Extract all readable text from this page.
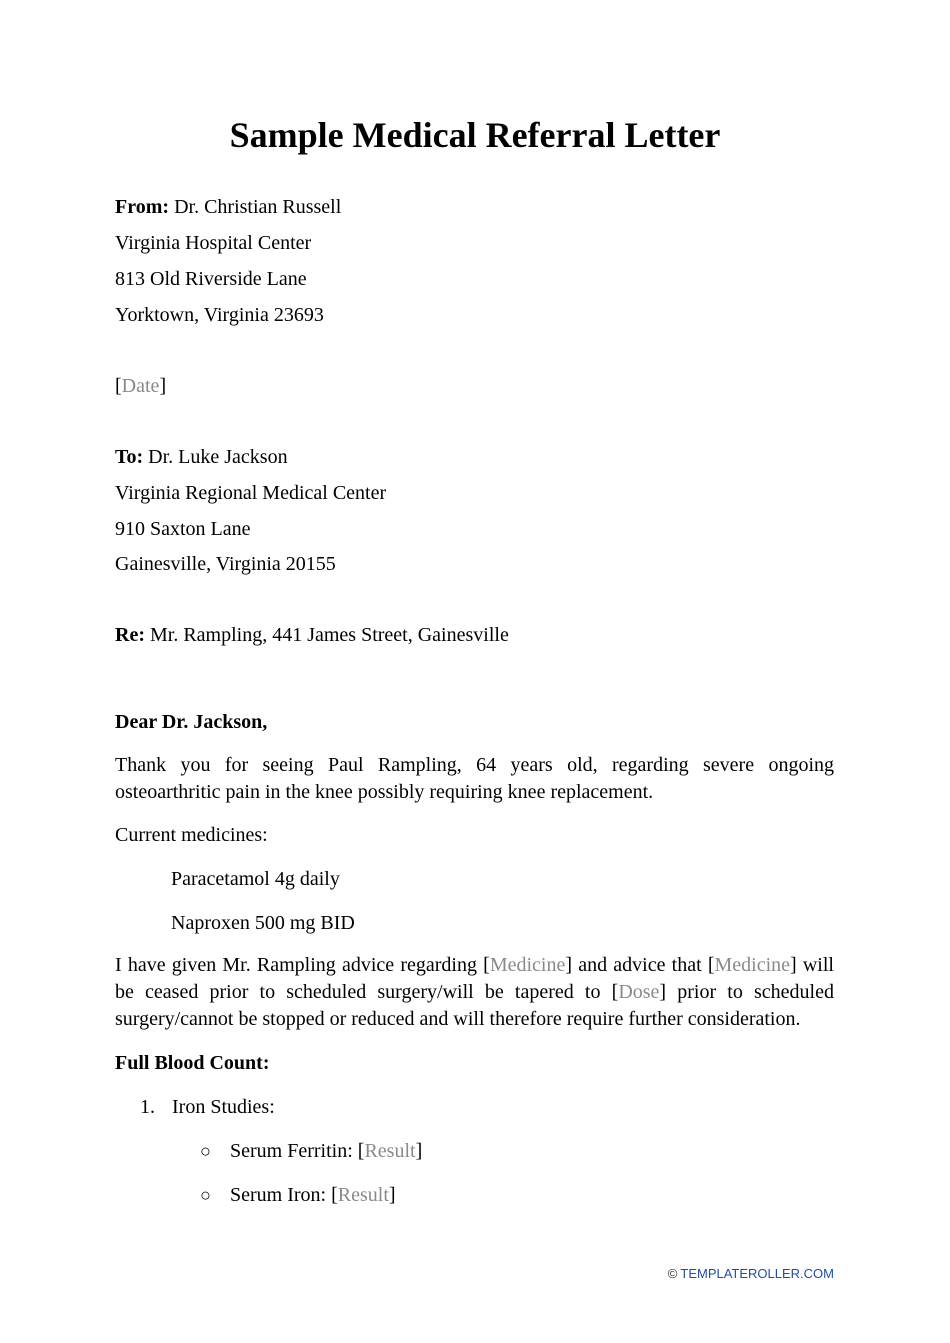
Sample Medical Referral Letter
From: Dr. Christian Russell
Virginia Hospital Center
813 Old Riverside Lane
Yorktown, Virginia 23693
[Date]
To: Dr. Luke Jackson
Virginia Regional Medical Center
910 Saxton Lane
Gainesville, Virginia 20155
Re: Mr. Rampling, 441 James Street, Gainesville
Dear Dr. Jackson,

Thank you for seeing Paul Rampling, 64 years old, regarding severe ongoing osteoarthritic pain in the knee possibly requiring knee replacement.

Current medicines:
Paracetamol 4g daily
Naproxen 500 mg BID

I have given Mr. Rampling advice regarding [Medicine] and advice that [Medicine] will be ceased prior to scheduled surgery/will be tapered to [Dose] prior to scheduled surgery/cannot be stopped or reduced and will therefore require further consideration.

Full Blood Count:
1. Iron Studies:
○ Serum Ferritin: [Result]
○ Serum Iron: [Result]
© TEMPLATEROLLER.COM
